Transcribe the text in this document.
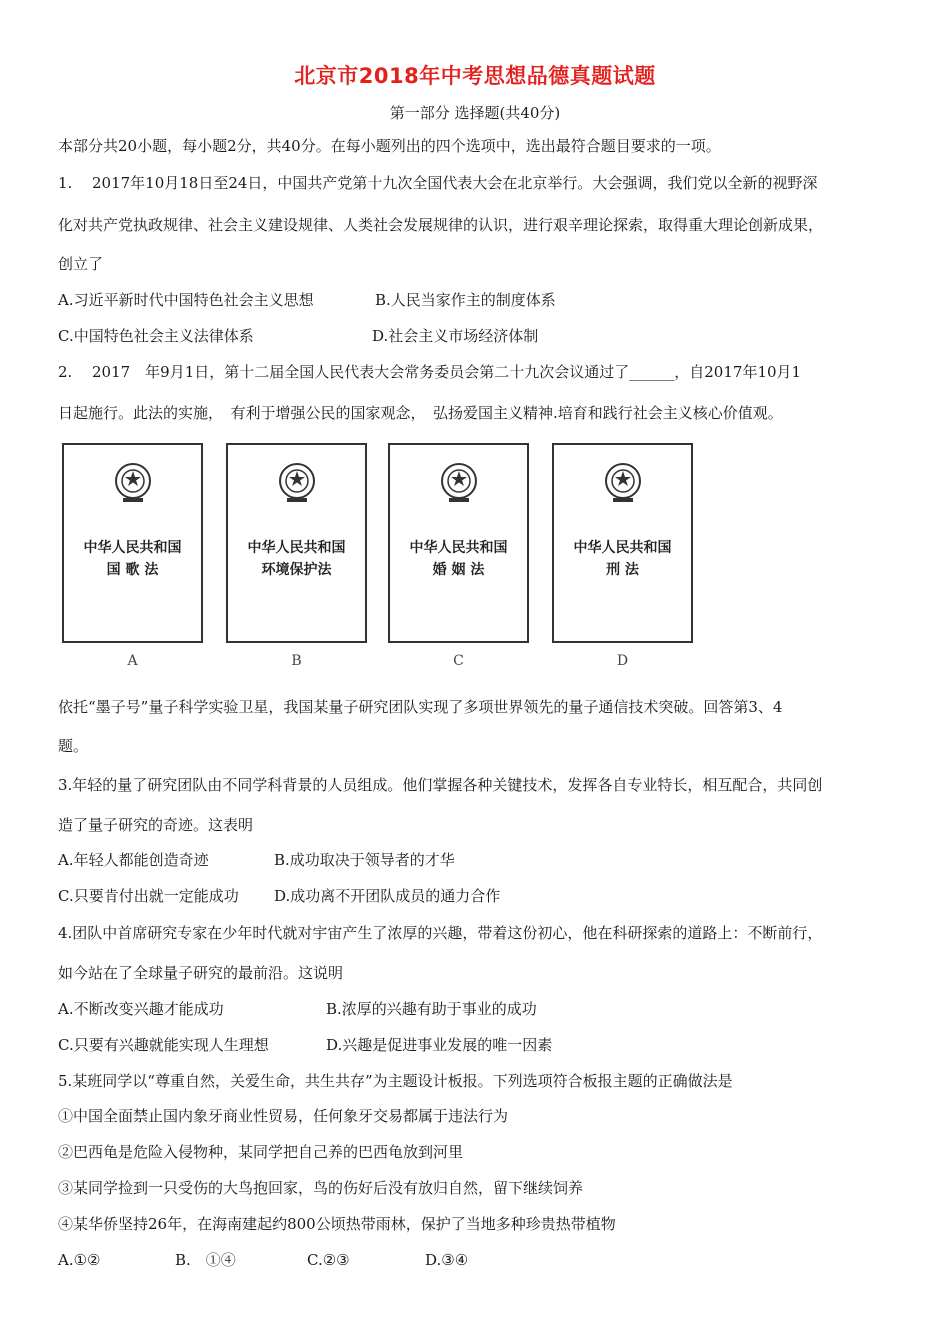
北京市2018年中考思想品德真题试题
第一部分 选择题(共40分)
本部分共20小题，每小题2分，共40分。在每小题列出的四个选项中，选出最符合题目要求的一项。
1. 2017年10月18日至24日，中国共产党第十九次全国代表大会在北京举行。大会强调，我们党以全新的视野深
化对共产党执政规律、社会主义建设规律、人类社会发展规律的认识，进行艰辛理论探索，取得重大理论创新成果，
创立了
A.习近平新时代中国特色社会主义思想	B.人民当家作主的制度体系
C.中国特色社会主义法律体系	D.社会主义市场经济体制
2. 2017　年9月1日，第十二届全国人民代表大会常务委员会第二十九次会议通过了______，自2017年10月1
日起施行。此法的实施，　有利于增强公民的国家观念，　弘扬爱国主义精神.培育和践行社会主义核心价值观。
中华人民共和国
国 歌 法
A
中华人民共和国
环境保护法
B
中华人民共和国
婚 姻 法
C
中华人民共和国
刑 法
D
依托“墨子号”量子科学实验卫星，我国某量子研究团队实现了多项世界领先的量子通信技术突破。回答第3、4
题。
3.年轻的量了研究团队由不同学科背景的人员组成。他们掌握各种关键技术，发挥各自专业特长，相互配合，共同创
造了量子研究的奇迹。这表明
A.年轻人都能创造奇迹	B.成功取决于领导者的才华
C.只要肯付出就一定能成功 D.成功离不开团队成员的通力合作
4.团队中首席研究专家在少年时代就对宇宙产生了浓厚的兴趣，带着这份初心，他在科研探索的道路上：不断前行，
如今站在了全球量子研究的最前沿。这说明
A.不断改变兴趣才能成功	B.浓厚的兴趣有助于事业的成功
C.只要有兴趣就能实现人生理想	D.兴趣是促进事业发展的唯一因素
5.某班同学以“尊重自然，关爱生命，共生共存”为主题设计板报。下列选项符合板报主题的正确做法是
①中国全面禁止国内象牙商业性贸易，任何象牙交易都属于违法行为
②巴西龟是危险入侵物种，某同学把自己养的巴西龟放到河里
③某同学捡到一只受伤的大鸟抱回家，鸟的伤好后没有放归自然，留下继续饲养
④某华侨坚持26年，在海南建起约800公顷热带雨林，保护了当地多种珍贵热带植物
A.①②	B.　①④	C.②③	D.③④
